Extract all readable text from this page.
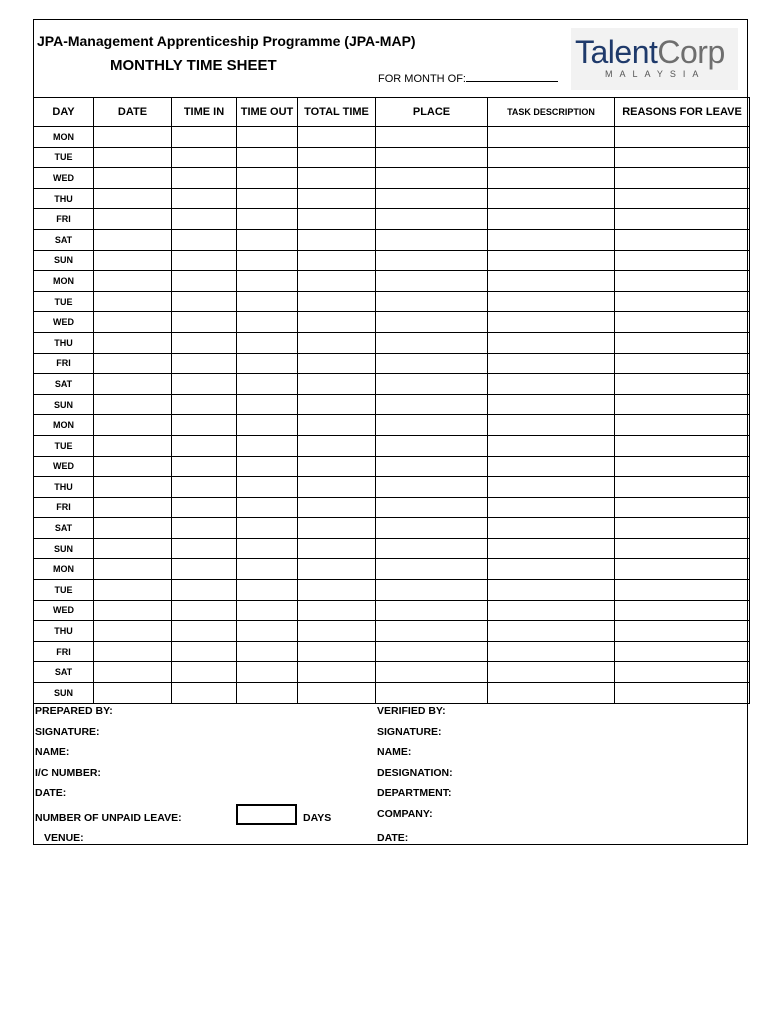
JPA-Management Apprenticeship Programme (JPA-MAP)
MONTHLY TIME SHEET
FOR MONTH OF:
TalentCorp
MALAYSIA
DAY	DATE	TIME IN	TIME OUT	TOTAL TIME	PLACE	TASK DESCRIPTION	REASONS FOR LEAVE
MON							
TUE							
WED							
THU							
FRI							
SAT							
SUN							
MON							
TUE							
WED							
THU							
FRI							
SAT							
SUN							
MON							
TUE							
WED							
THU							
FRI							
SAT							
SUN							
MON							
TUE							
WED							
THU							
FRI							
SAT							
SUN							
PREPARED BY:
SIGNATURE:
NAME:
I/C NUMBER:
DATE:
NUMBER OF UNPAID LEAVE:	DAYS
VENUE:
VERIFIED BY:
SIGNATURE:
NAME:
DESIGNATION:
DEPARTMENT:
COMPANY:
DATE:
